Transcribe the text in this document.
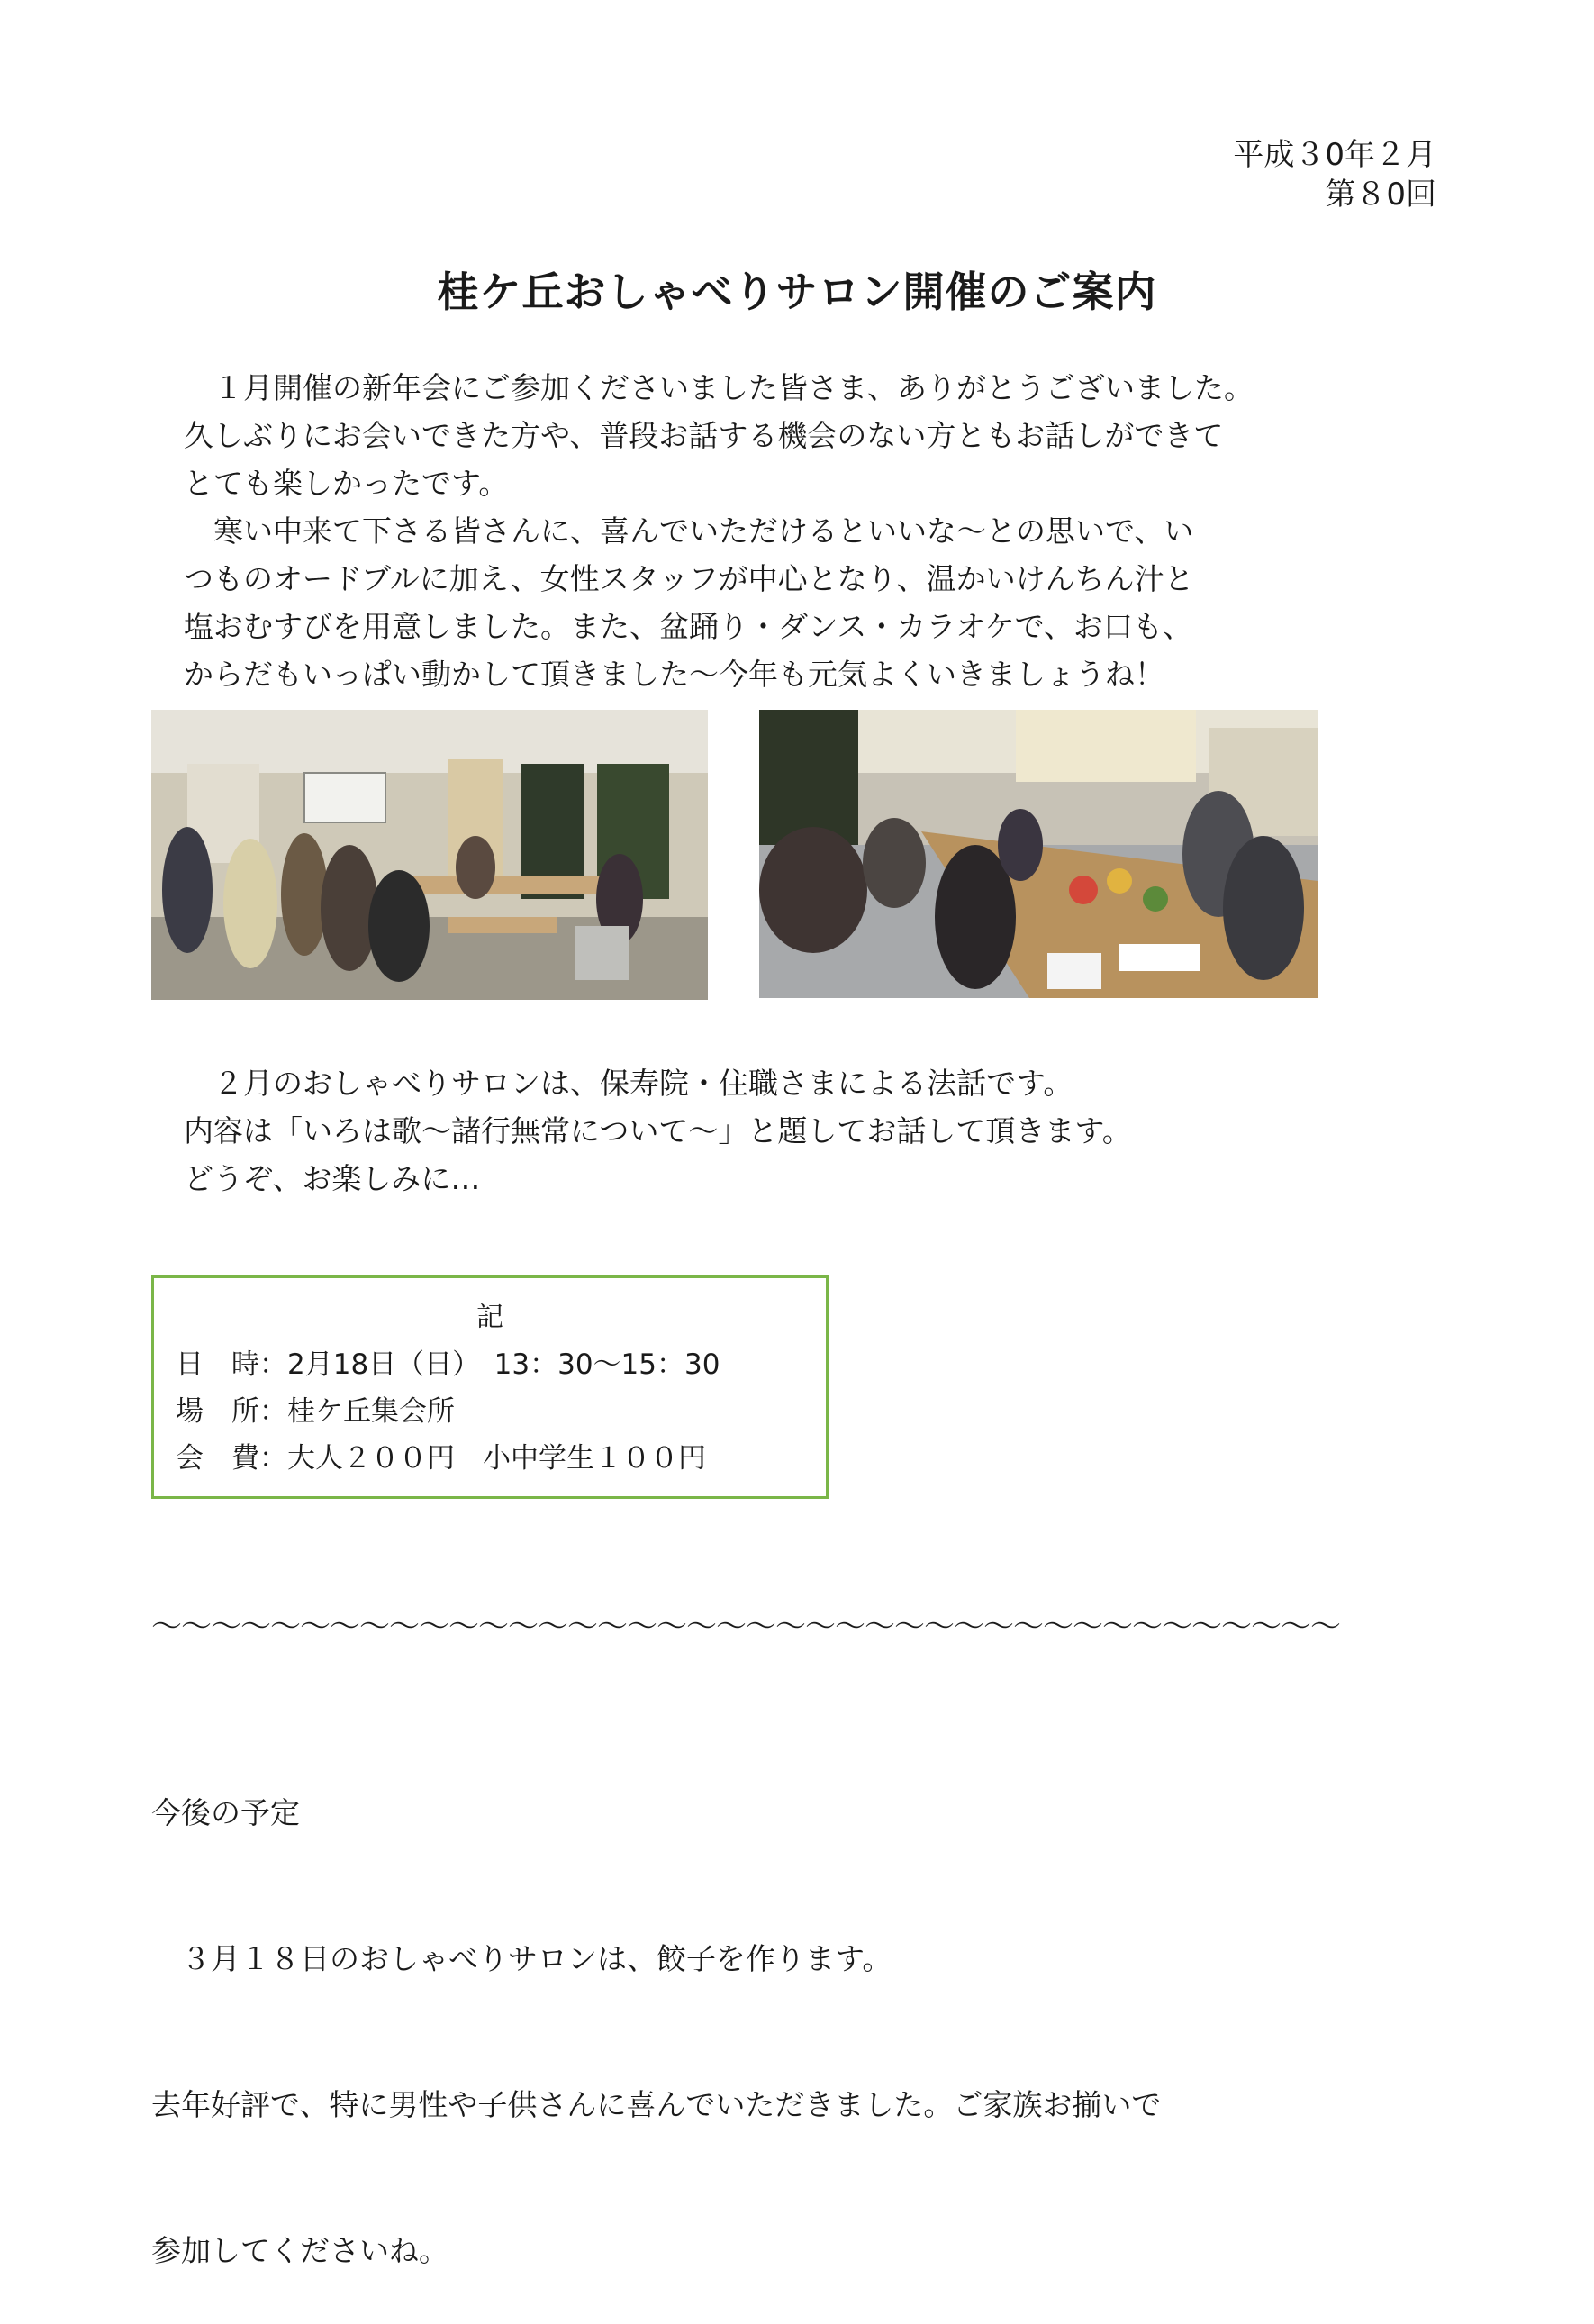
平成３0年２月
第８0回
桂ケ丘おしゃべりサロン開催のご案内
　１月開催の新年会にご参加くださいました皆さま、ありがとうございました。
久しぶりにお会いできた方や、普段お話する機会のない方ともお話しができて
とても楽しかったです。
　寒い中来て下さる皆さんに、喜んでいただけるといいな～との思いで、い
つものオードブルに加え、女性スタッフが中心となり、温かいけんちん汁と
塩おむすびを用意しました。また、盆踊り・ダンス・カラオケで、お口も、
からだもいっぱい動かして頂きました～今年も元気よくいきましょうね！
　２月のおしゃべりサロンは、保寿院・住職さまによる法話です。
内容は「いろは歌～諸行無常について～」と題してお話して頂きます。
どうぞ、お楽しみに…
記
日　時：2月18日（日）　13：30～15：30
場　所：桂ケ丘集会所
会　費：大人２００円　小中学生１００円
～～～～～～～～～～～～～～～～～～～～～～～～～～～～～～～～～～～～～～～～

今後の予定

　３月１８日のおしゃべりサロンは、餃子を作ります。

去年好評で、特に男性や子供さんに喜んでいただきました。ご家族お揃いで

参加してくださいね。
